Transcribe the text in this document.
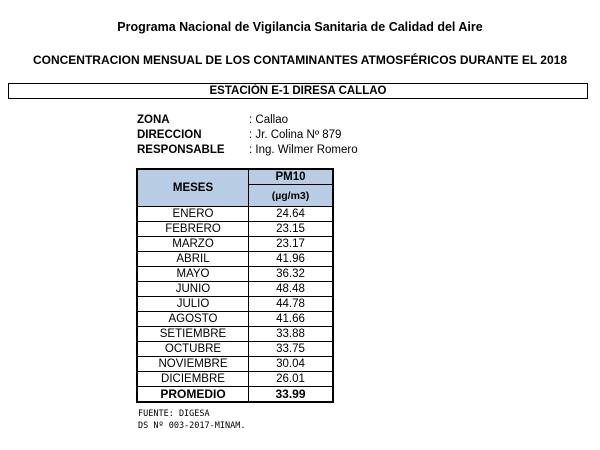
Programa Nacional de Vigilancia Sanitaria de Calidad del Aire
CONCENTRACION MENSUAL DE LOS CONTAMINANTES ATMOSFÉRICOS DURANTE EL 2018
ESTACIÓN E-1 DIRESA CALLAO
ZONA	: Callao
DIRECCION	: Jr. Colina Nº 879
RESPONSABLE	: Ing. Wilmer Romero
MESES	PM10
	(µg/m3)
ENERO	24.64
FEBRERO	23.15
MARZO	23.17
ABRIL	41.96
MAYO	36.32
JUNIO	48.48
JULIO	44.78
AGOSTO	41.66
SETIEMBRE	33.88
OCTUBRE	33.75
NOVIEMBRE	30.04
DICIEMBRE	26.01
PROMEDIO	33.99
FUENTE: DIGESA
DS Nº 003-2017-MINAM.
